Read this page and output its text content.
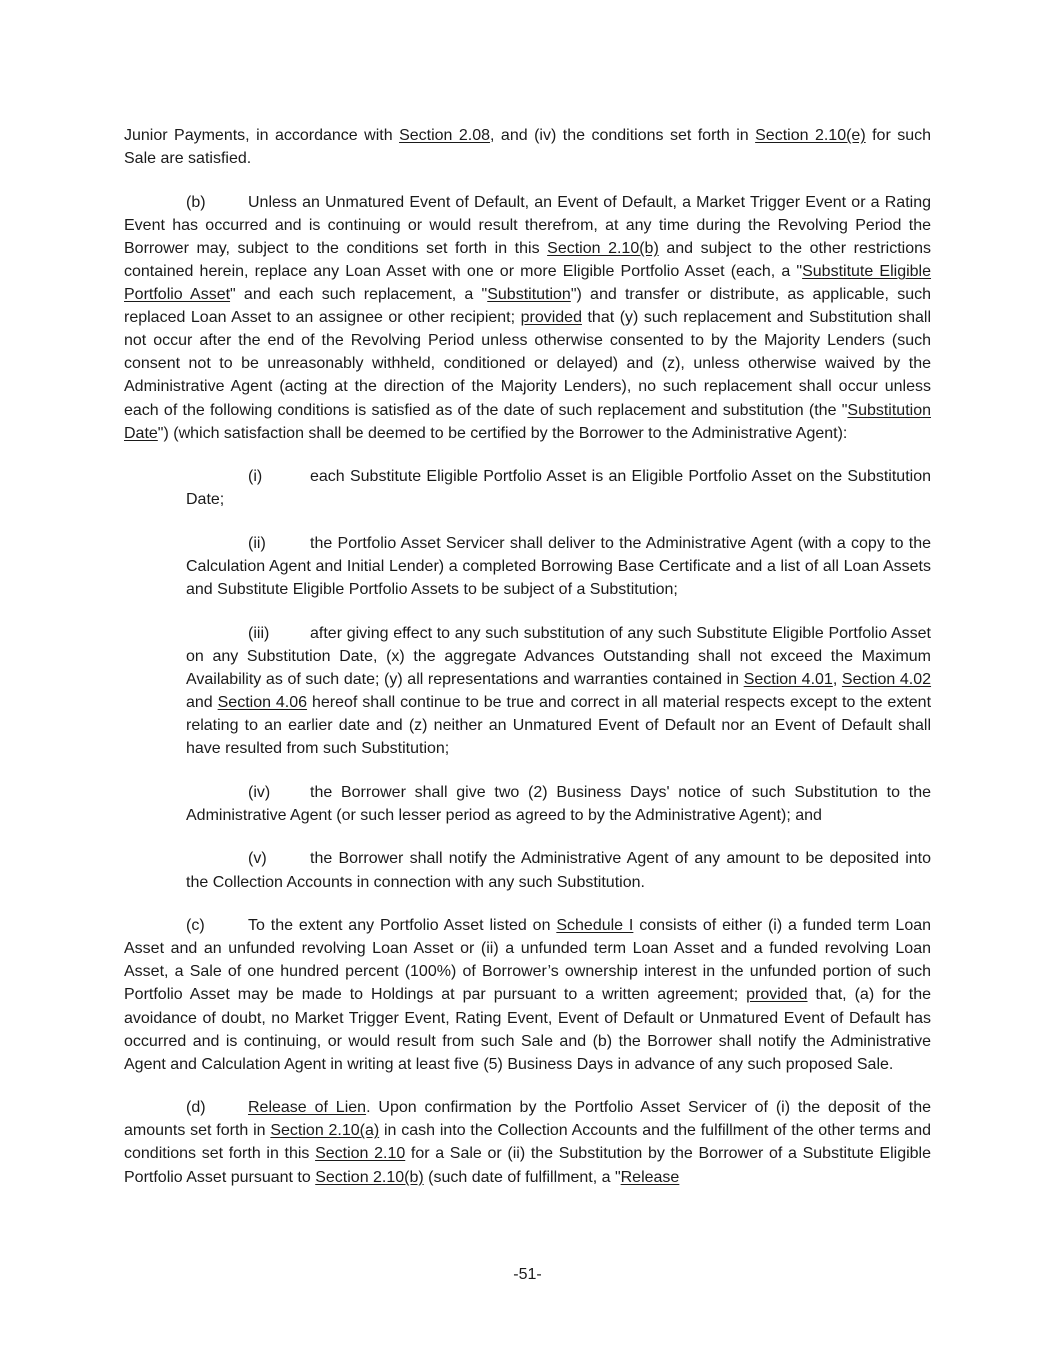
Junior Payments, in accordance with Section 2.08, and (iv) the conditions set forth in Section 2.10(e) for such Sale are satisfied.

(b)	Unless an Unmatured Event of Default, an Event of Default, a Market Trigger Event or a Rating Event has occurred and is continuing or would result therefrom, at any time during the Revolving Period the Borrower may, subject to the conditions set forth in this Section 2.10(b) and subject to the other restrictions contained herein, replace any Loan Asset with one or more Eligible Portfolio Asset (each, a "Substitute Eligible Portfolio Asset" and each such replacement, a "Substitution") and transfer or distribute, as applicable, such replaced Loan Asset to an assignee or other recipient; provided that (y) such replacement and Substitution shall not occur after the end of the Revolving Period unless otherwise consented to by the Majority Lenders (such consent not to be unreasonably withheld, conditioned or delayed) and (z), unless otherwise waived by the Administrative Agent (acting at the direction of the Majority Lenders), no such replacement shall occur unless each of the following conditions is satisfied as of the date of such replacement and substitution (the "Substitution Date") (which satisfaction shall be deemed to be certified by the Borrower to the Administrative Agent):

(i)	each Substitute Eligible Portfolio Asset is an Eligible Portfolio Asset on the Substitution Date;

(ii)	the Portfolio Asset Servicer shall deliver to the Administrative Agent (with a copy to the Calculation Agent and Initial Lender) a completed Borrowing Base Certificate and a list of all Loan Assets and Substitute Eligible Portfolio Assets to be subject of a Substitution;

(iii)	after giving effect to any such substitution of any such Substitute Eligible Portfolio Asset on any Substitution Date, (x) the aggregate Advances Outstanding shall not exceed the Maximum Availability as of such date; (y) all representations and warranties contained in Section 4.01, Section 4.02 and Section 4.06 hereof shall continue to be true and correct in all material respects except to the extent relating to an earlier date and (z) neither an Unmatured Event of Default nor an Event of Default shall have resulted from such Substitution;

(iv) the Borrower shall give two (2) Business Days' notice of such Substitution to the Administrative Agent (or such lesser period as agreed to by the Administrative Agent); and

(v)	the Borrower shall notify the Administrative Agent of any amount to be deposited into the Collection Accounts in connection with any such Substitution.

(c)	To the extent any Portfolio Asset listed on Schedule I consists of either (i) a funded term Loan Asset and an unfunded revolving Loan Asset or (ii) a unfunded term Loan Asset and a funded revolving Loan Asset, a Sale of one hundred percent (100%) of Borrower’s ownership interest in the unfunded portion of such Portfolio Asset may be made to Holdings at par pursuant to a written agreement; provided that, (a) for the avoidance of doubt, no Market Trigger Event, Rating Event, Event of Default or Unmatured Event of Default has occurred and is continuing, or would result from such Sale and (b) the Borrower shall notify the Administrative Agent and Calculation Agent in writing at least five (5) Business Days in advance of any such proposed Sale.

(d)	Release of Lien. Upon confirmation by the Portfolio Asset Servicer of (i) the deposit of the amounts set forth in Section 2.10(a) in cash into the Collection Accounts and the fulfillment of the other terms and conditions set forth in this Section 2.10 for a Sale or (ii) the Substitution by the Borrower of a Substitute Eligible Portfolio Asset pursuant to Section 2.10(b) (such date of fulfillment, a "Release

-51-
